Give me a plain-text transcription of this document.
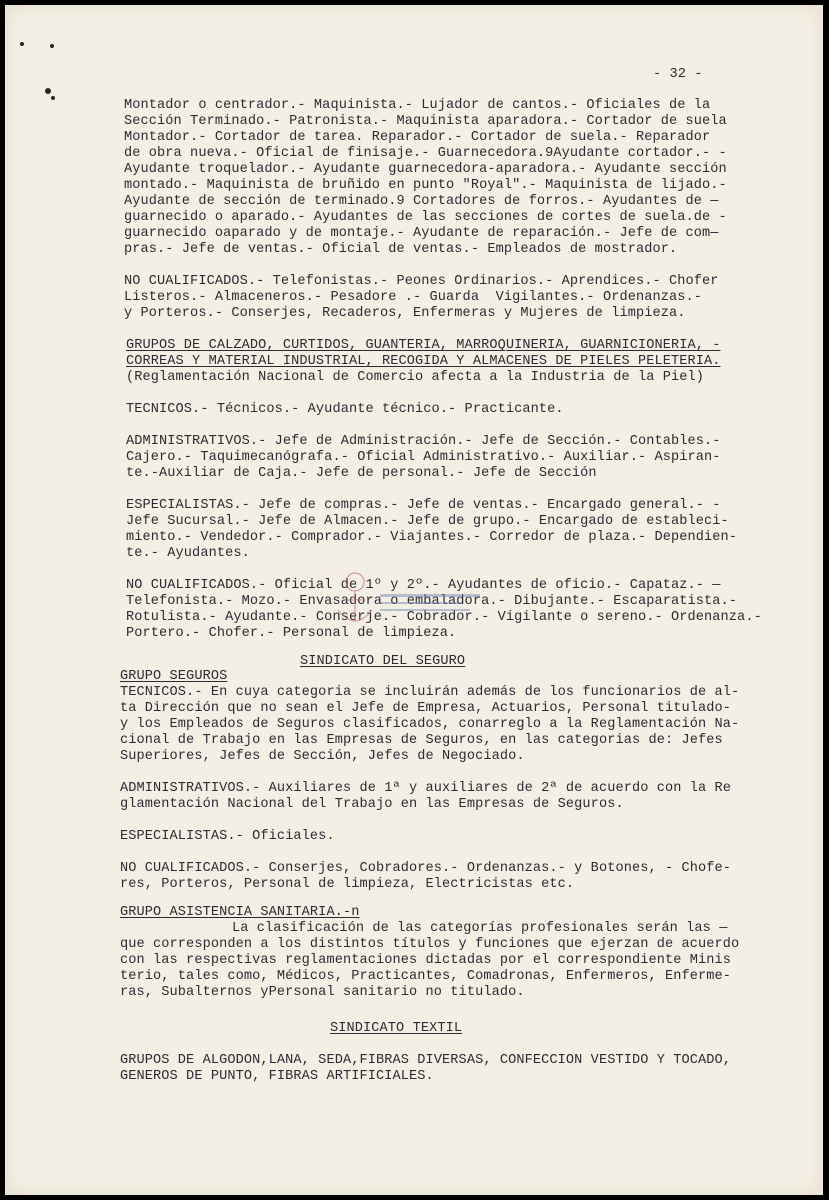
- 32 -
Montador o centrador.- Maquinista.- Lujador de cantos.- Oficiales de la
Sección Terminado.- Patronista.- Maquinista aparadora.- Cortador de suela
Montador.- Cortador de tarea. Reparador.- Cortador de suela.- Reparador
de obra nueva.- Oficial de finisaje.- Guarnecedora.9Ayudante cortador.- -
Ayudante troquelador.- Ayudante guarnecedora-aparadora.- Ayudante sección
montado.- Maquinista de bruñido en punto "Royal".- Maquinista de lijado.-
Ayudante de sección de terminado.9 Cortadores de forros.- Ayudantes de —
guarnecido o aparado.- Ayudantes de las secciones de cortes de suela.de -
guarnecido oaparado y de montaje.- Ayudante de reparación.- Jefe de com—
pras.- Jefe de ventas.- Oficial de ventas.- Empleados de mostrador.
NO CUALIFICADOS.- Telefonistas.- Peones Ordinarios.- Aprendices.- Chofer
Listeros.- Almaceneros.- Pesadore .- Guarda  Vigilantes.- Ordenanzas.-
y Porteros.- Conserjes, Recaderos, Enfermeras y Mujeres de limpieza.
GRUPOS DE CALZADO, CURTIDOS, GUANTERIA, MARROQUINERIA, GUARNICIONERIA, -
CORREAS Y MATERIAL INDUSTRIAL, RECOGIDA Y ALMACENES DE PIELES PELETERIA.
(Reglamentación Nacional de Comercio afecta a la Industria de la Piel)
TECNICOS.- Técnicos.- Ayudante técnico.- Practicante.
ADMINISTRATIVOS.- Jefe de Administración.- Jefe de Sección.- Contables.-
Cajero.- Taquimecanógrafa.- Oficial Administrativo.- Auxiliar.- Aspiran-
te.-Auxiliar de Caja.- Jefe de personal.- Jefe de Sección
ESPECIALISTAS.- Jefe de compras.- Jefe de ventas.- Encargado general.- -
Jefe Sucursal.- Jefe de Almacen.- Jefe de grupo.- Encargado de estableci-
miento.- Vendedor.- Comprador.- Viajantes.- Corredor de plaza.- Dependien-
te.- Ayudantes.
NO CUALIFICADOS.- Oficial de 1º y 2º.- Ayudantes de oficio.- Capataz.- —
Telefonista.- Mozo.- Envasadora o embaladora.- Dibujante.- Escaparatista.-
Rotulista.- Ayudante.- Conserje.- Cobrador.- Vigilante o sereno.- Ordenanza.-
Portero.- Chofer.- Personal de limpieza.
SINDICATO DEL SEGURO
GRUPO SEGUROS
TECNICOS.- En cuya categoria se incluirán además de los funcionarios de al-
ta Dirección que no sean el Jefe de Empresa, Actuarios, Personal titulado-
y los Empleados de Seguros clasificados, conarreglo a la Reglamentación Na-
cional de Trabajo en las Empresas de Seguros, en las categorias de: Jefes
Superiores, Jefes de Sección, Jefes de Negociado.
ADMINISTRATIVOS.- Auxiliares de 1ª y auxiliares de 2ª de acuerdo con la Re
glamentación Nacional del Trabajo en las Empresas de Seguros.
ESPECIALISTAS.- Oficiales.
NO CUALIFICADOS.- Conserjes, Cobradores.- Ordenanzas.- y Botones, - Chofe-
res, Porteros, Personal de limpieza, Electricistas etc.
GRUPO ASISTENCIA SANITARIA.-n
La clasificación de las categorías profesionales serán las —
que corresponden a los distintos títulos y funciones que ejerzan de acuerdo
con las respectivas reglamentaciones dictadas por el correspondiente Minis
terio, tales como, Médicos, Practicantes, Comadronas, Enfermeros, Enferme-
ras, Subalternos yPersonal sanitario no titulado.
SINDICATO TEXTIL
GRUPOS DE ALGODON,LANA, SEDA,FIBRAS DIVERSAS, CONFECCION VESTIDO Y TOCADO,
GENEROS DE PUNTO, FIBRAS ARTIFICIALES.
